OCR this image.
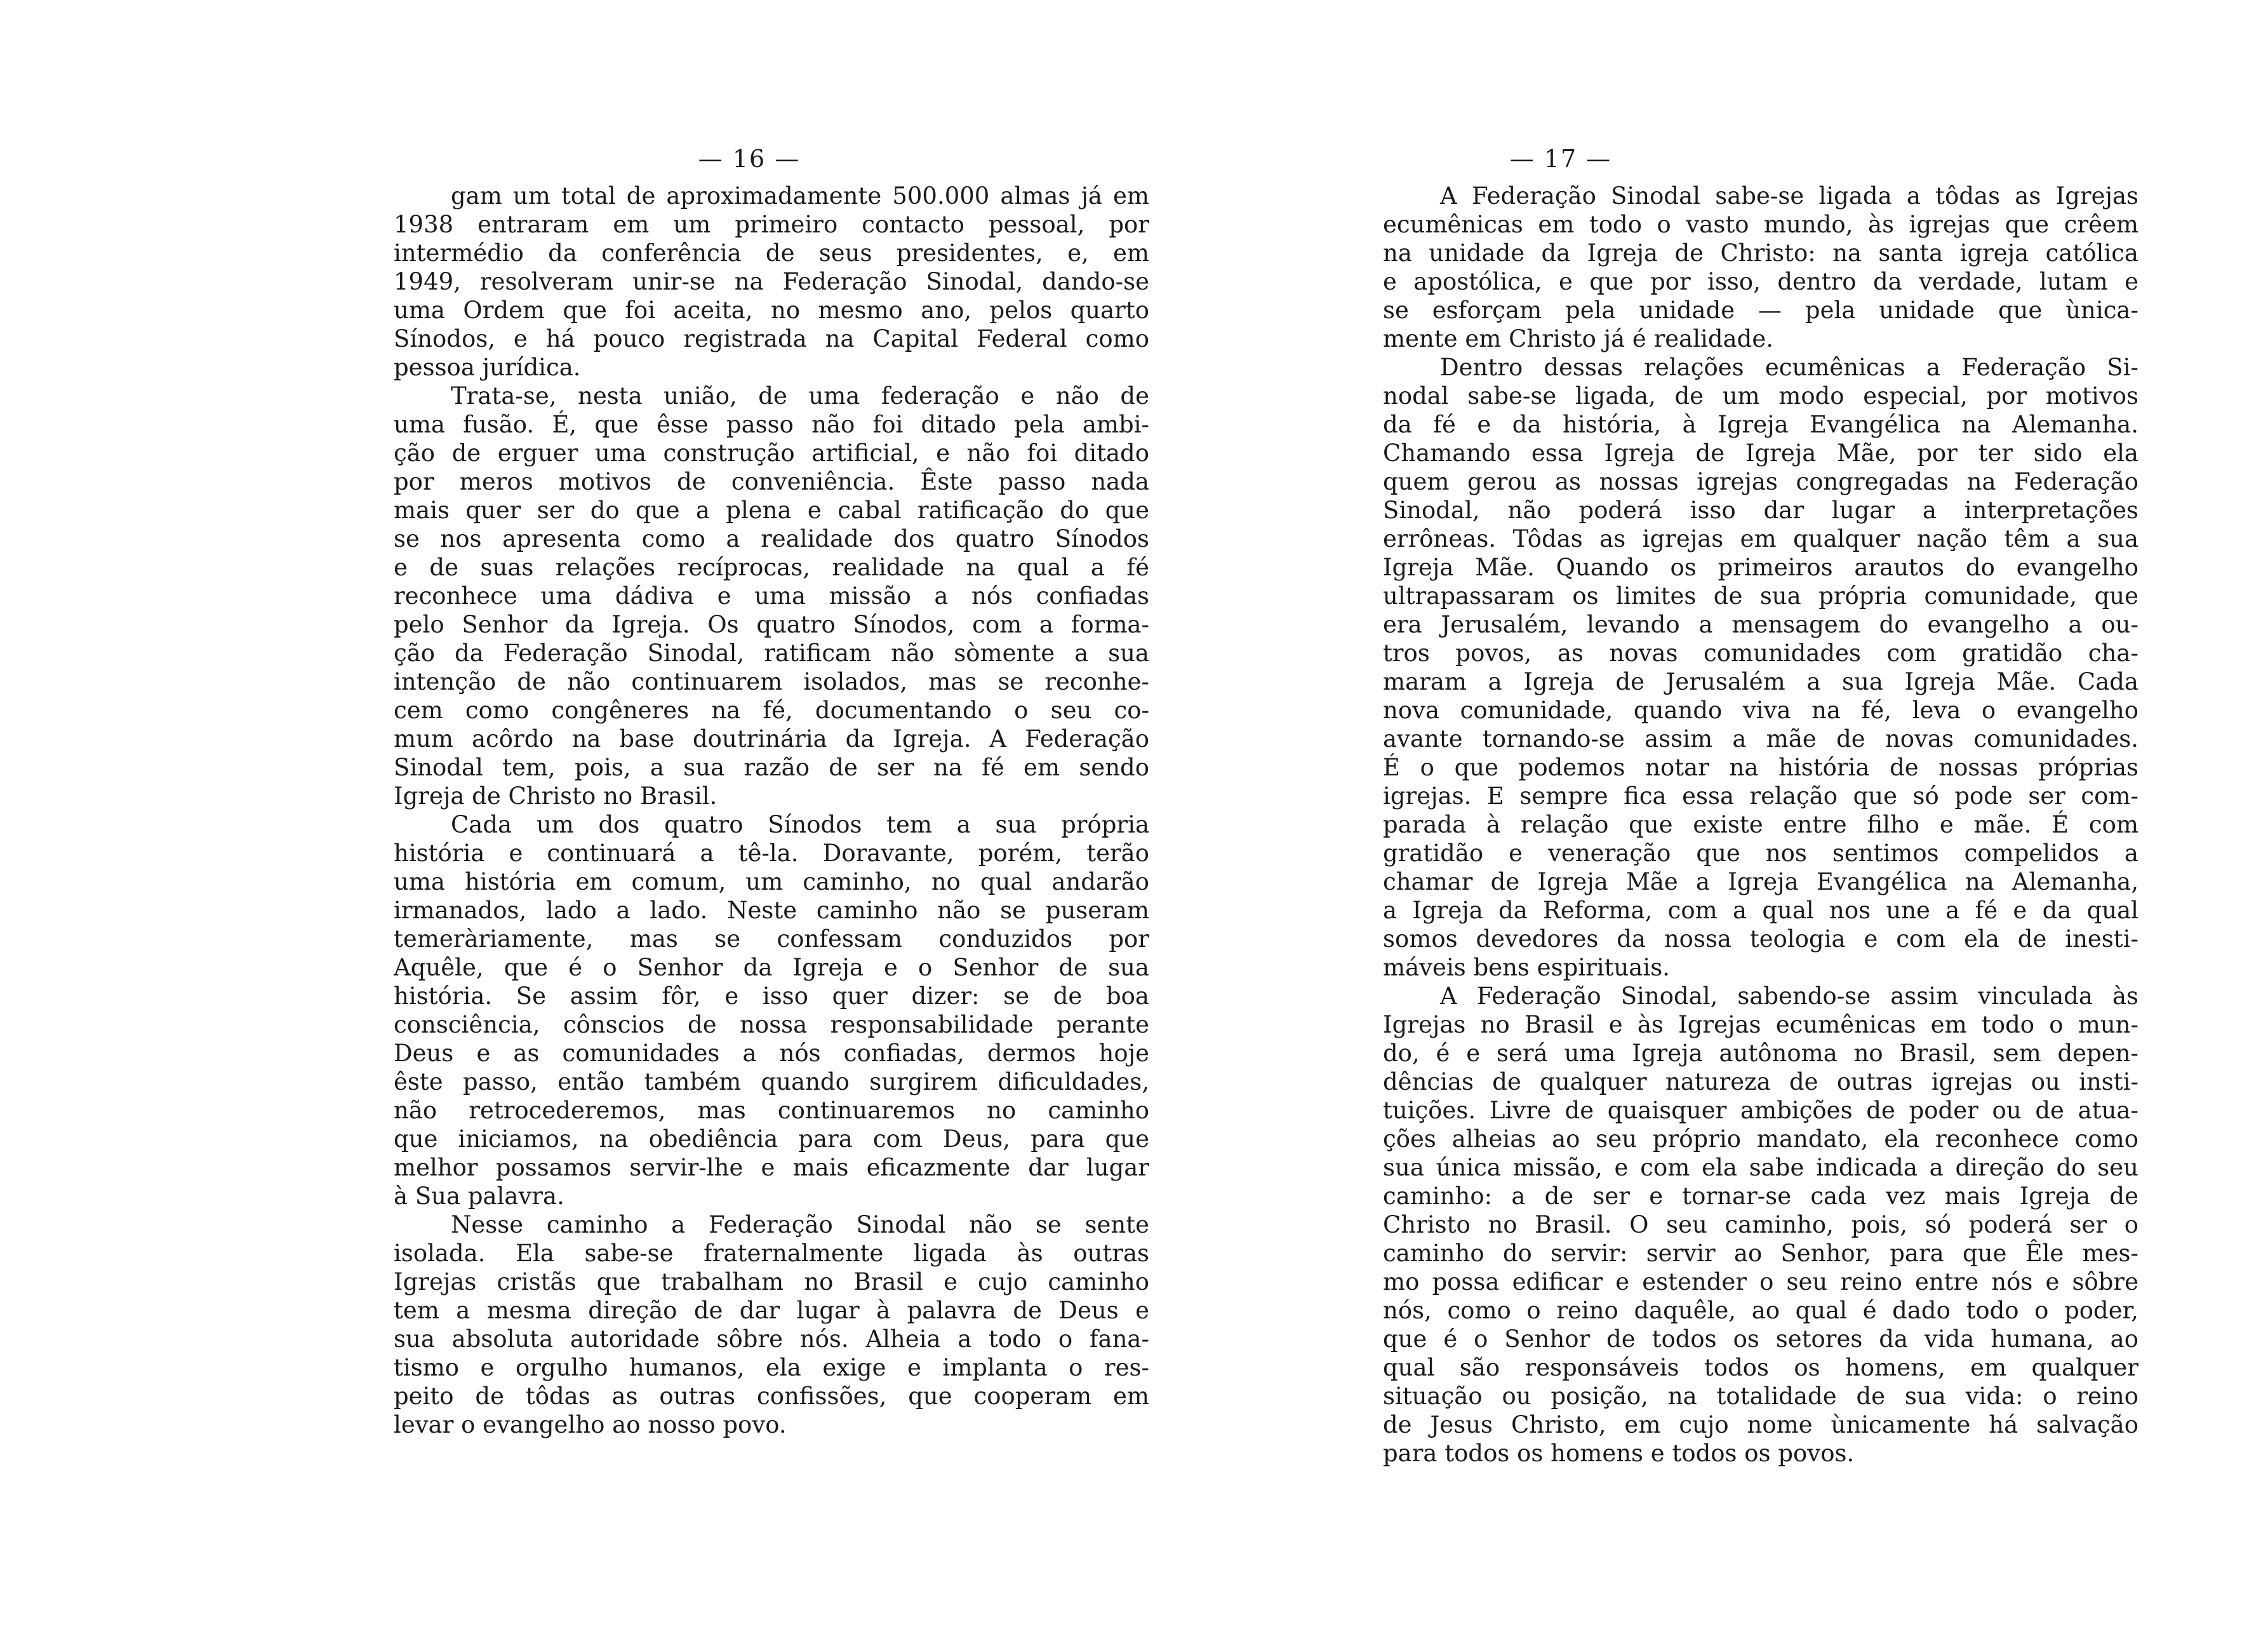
— 16 —

gam um total de aproximadamente 500.000 almas já em
1938 entraram em um primeiro contacto pessoal, por
intermédio da conferência de seus presidentes, e, em
1949, resolveram unir-se na Federação Sinodal, dando-se
uma Ordem que foi aceita, no mesmo ano, pelos quarto
Sínodos, e há pouco registrada na Capital Federal como
pessoa jurídica.

Trata-se, nesta união, de uma federação e não de
uma fusão. É, que êsse passo não foi ditado pela ambi-
ção de erguer uma construção artificial, e não foi ditado
por meros motivos de conveniência. Êste passo nada
mais quer ser do que a plena e cabal ratificação do que
se nos apresenta como a realidade dos quatro Sínodos
e de suas relações recíprocas, realidade na qual a fé
reconhece uma dádiva e uma missão a nós confiadas
pelo Senhor da Igreja. Os quatro Sínodos, com a forma-
ção da Federação Sinodal, ratificam não sòmente a sua
intenção de não continuarem isolados, mas se reconhe-
cem como congêneres na fé, documentando o seu co-
mum acôrdo na base doutrinária da Igreja. A Federação
Sinodal tem, pois, a sua razão de ser na fé em sendo
Igreja de Christo no Brasil.

Cada um dos quatro Sínodos tem a sua própria
história e continuará a tê-la. Doravante, porém, terão
uma história em comum, um caminho, no qual andarão
irmanados, lado a lado. Neste caminho não se puseram
temeràriamente, mas se confessam conduzidos por
Aquêle, que é o Senhor da Igreja e o Senhor de sua
história. Se assim fôr, e isso quer dizer: se de boa
consciência, cônscios de nossa responsabilidade perante
Deus e as comunidades a nós confiadas, dermos hoje
êste passo, então também quando surgirem dificuldades,
não retrocederemos, mas continuaremos no caminho
que iniciamos, na obediência para com Deus, para que
melhor possamos servir-lhe e mais eficazmente dar lugar
à Sua palavra.

Nesse caminho a Federação Sinodal não se sente
isolada. Ela sabe-se fraternalmente ligada às outras
Igrejas cristãs que trabalham no Brasil e cujo caminho
tem a mesma direção de dar lugar à palavra de Deus e
sua absoluta autoridade sôbre nós. Alheia a todo o fana-
tismo e orgulho humanos, ela exige e implanta o res-
peito de tôdas as outras confissões, que cooperam em
levar o evangelho ao nosso povo.

— 17 —

A Federação Sinodal sabe-se ligada a tôdas as Igrejas
ecumênicas em todo o vasto mundo, às igrejas que crêem
na unidade da Igreja de Christo: na santa igreja católica
e apostólica, e que por isso, dentro da verdade, lutam e
se esforçam pela unidade — pela unidade que ùnica-
mente em Christo já é realidade.

Dentro dessas relações ecumênicas a Federação Si-
nodal sabe-se ligada, de um modo especial, por motivos
da fé e da história, à Igreja Evangélica na Alemanha.
Chamando essa Igreja de Igreja Mãe, por ter sido ela
quem gerou as nossas igrejas congregadas na Federação
Sinodal, não poderá isso dar lugar a interpretações
errôneas. Tôdas as igrejas em qualquer nação têm a sua
Igreja Mãe. Quando os primeiros arautos do evangelho
ultrapassaram os limites de sua própria comunidade, que
era Jerusalém, levando a mensagem do evangelho a ou-
tros povos, as novas comunidades com gratidão cha-
maram a Igreja de Jerusalém a sua Igreja Mãe. Cada
nova comunidade, quando viva na fé, leva o evangelho
avante tornando-se assim a mãe de novas comunidades.
É o que podemos notar na história de nossas próprias
igrejas. E sempre fica essa relação que só pode ser com-
parada à relação que existe entre filho e mãe. É com
gratidão e veneração que nos sentimos compelidos a
chamar de Igreja Mãe a Igreja Evangélica na Alemanha,
a Igreja da Reforma, com a qual nos une a fé e da qual
somos devedores da nossa teologia e com ela de inesti-
máveis bens espirituais.

A Federação Sinodal, sabendo-se assim vinculada às
Igrejas no Brasil e às Igrejas ecumênicas em todo o mun-
do, é e será uma Igreja autônoma no Brasil, sem depen-
dências de qualquer natureza de outras igrejas ou insti-
tuições. Livre de quaisquer ambições de poder ou de atua-
ções alheias ao seu próprio mandato, ela reconhece como
sua única missão, e com ela sabe indicada a direção do seu
caminho: a de ser e tornar-se cada vez mais Igreja de
Christo no Brasil. O seu caminho, pois, só poderá ser o
caminho do servir: servir ao Senhor, para que Êle mes-
mo possa edificar e estender o seu reino entre nós e sôbre
nós, como o reino daquêle, ao qual é dado todo o poder,
que é o Senhor de todos os setores da vida humana, ao
qual são responsáveis todos os homens, em qualquer
situação ou posição, na totalidade de sua vida: o reino
de Jesus Christo, em cujo nome ùnicamente há salvação
para todos os homens e todos os povos.
